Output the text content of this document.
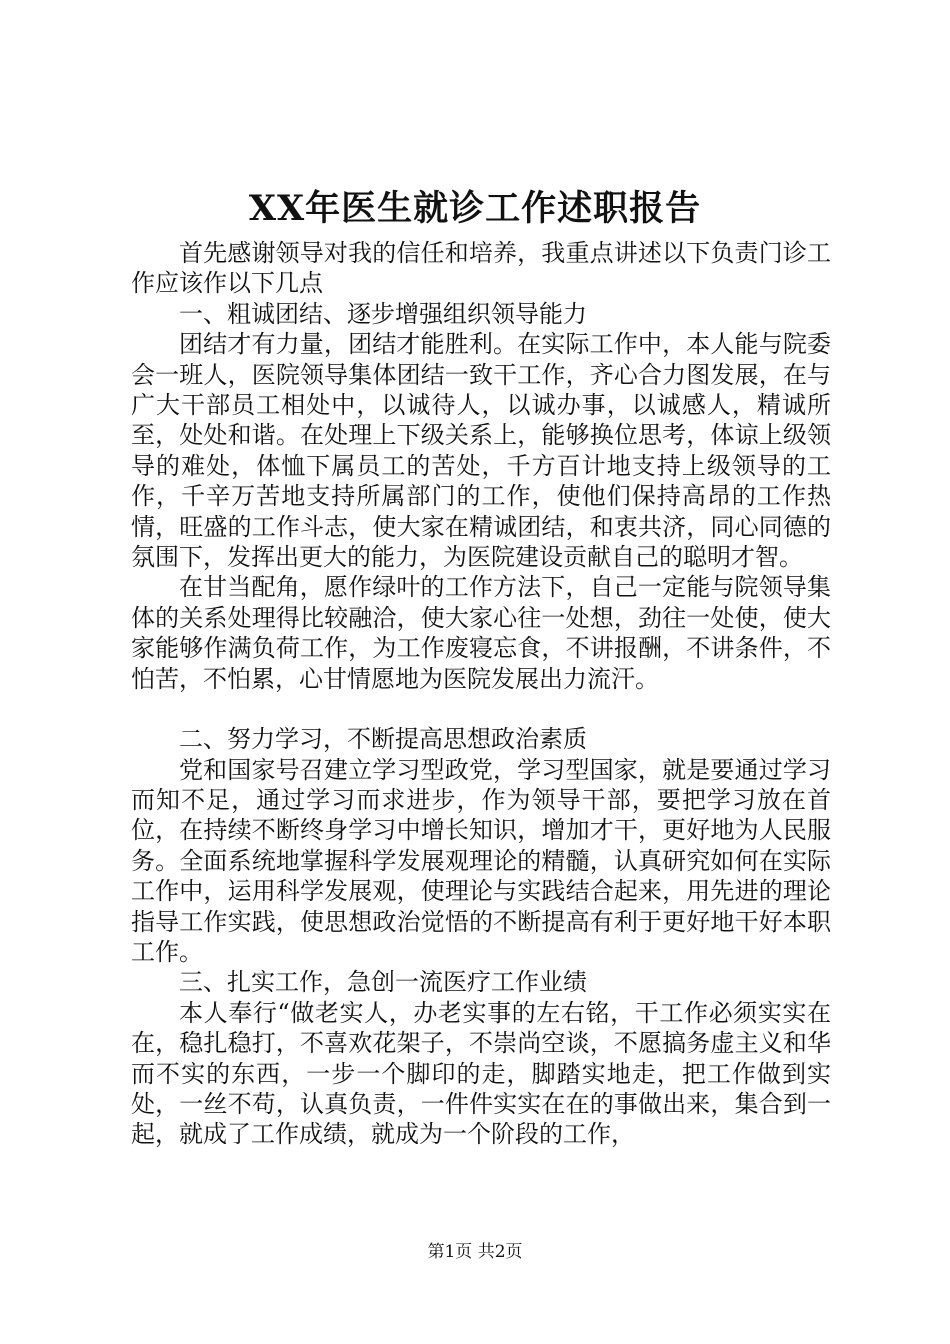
XX年医生就诊工作述职报告

首先感谢领导对我的信任和培养，我重点讲述以下负责门诊工作应该作以下几点

一、粗诚团结、逐步增强组织领导能力

团结才有力量，团结才能胜利。在实际工作中，本人能与院委会一班人，医院领导集体团结一致干工作，齐心合力图发展，在与广大干部员工相处中，以诚待人，以诚办事，以诚感人，精诚所至，处处和谐。在处理上下级关系上，能够换位思考，体谅上级领导的难处，体恤下属员工的苦处，千方百计地支持上级领导的工作，千辛万苦地支持所属部门的工作，使他们保持高昂的工作热情，旺盛的工作斗志，使大家在精诚团结，和衷共济，同心同德的氛围下，发挥出更大的能力，为医院建设贡献自己的聪明才智。

在甘当配角，愿作绿叶的工作方法下，自己一定能与院领导集体的关系处理得比较融洽，使大家心往一处想，劲往一处使，使大家能够作满负荷工作，为工作废寝忘食，不讲报酬，不讲条件，不怕苦，不怕累，心甘情愿地为医院发展出力流汗。

二、努力学习，不断提高思想政治素质

党和国家号召建立学习型政党，学习型国家，就是要通过学习而知不足，通过学习而求进步，作为领导干部，要把学习放在首位，在持续不断终身学习中增长知识，增加才干，更好地为人民服务。全面系统地掌握科学发展观理论的精髓，认真研究如何在实际工作中，运用科学发展观，使理论与实践结合起来，用先进的理论指导工作实践，使思想政治觉悟的不断提高有利于更好地干好本职工作。

三、扎实工作，急创一流医疗工作业绩

本人奉行“做老实人，办老实事的左右铭，干工作必须实实在在，稳扎稳打，不喜欢花架子，不崇尚空谈，不愿搞务虚主义和华而不实的东西，一步一个脚印的走，脚踏实地走，把工作做到实处，一丝不苟，认真负责，一件件实实在在的事做出来，集合到一起，就成了工作成绩，就成为一个阶段的工作，

第1页 共2页
